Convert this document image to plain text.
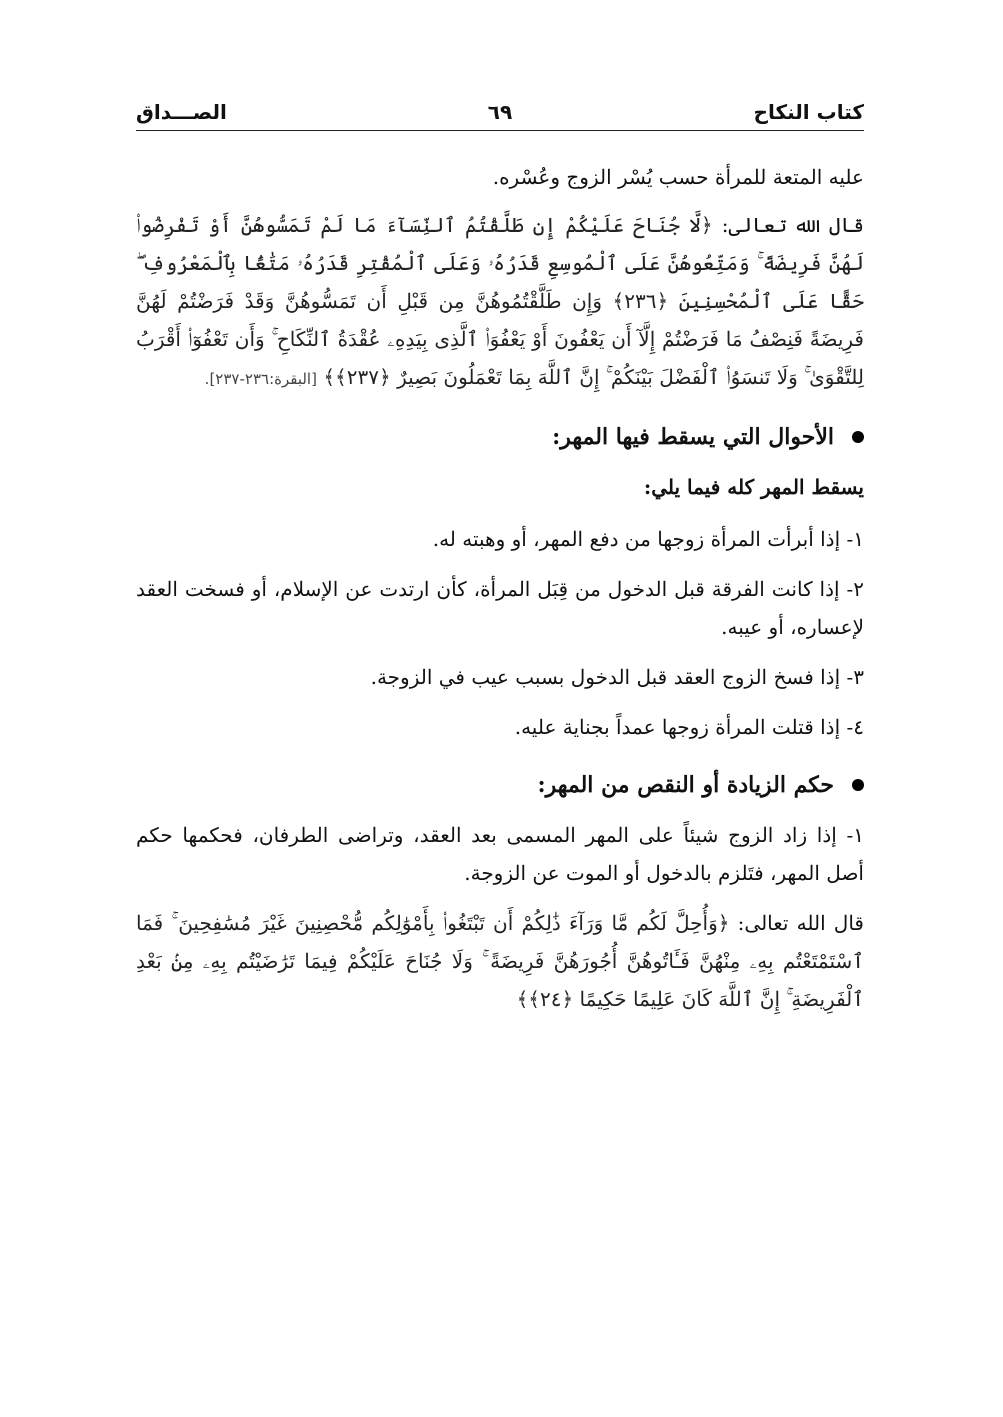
كتاب النكاح
٦٩
الصـــداق

عليه المتعة للمرأة حسب يُسْر الزوج وعُسْره.

قال الله تعالى: ﴿لَّا جُنَاحَ عَلَيْكُمْ إِن طَلَّقْتُمُ ٱلنِّسَآءَ مَا لَمْ تَمَسُّوهُنَّ أَوْ تَفْرِضُوا۟ لَهُنَّ فَرِيضَةً ۚ وَمَتِّعُوهُنَّ عَلَى ٱلْمُوسِعِ قَدَرُهُۥ وَعَلَى ٱلْمُقْتِرِ قَدَرُهُۥ مَتَٰعًۢا بِٱلْمَعْرُوفِ ۖ حَقًّا عَلَى ٱلْمُحْسِنِينَ ﴿٢٣٦﴾ وَإِن طَلَّقْتُمُوهُنَّ مِن قَبْلِ أَن تَمَسُّوهُنَّ وَقَدْ فَرَضْتُمْ لَهُنَّ فَرِيضَةً فَنِصْفُ مَا فَرَضْتُمْ إِلَّآ أَن يَعْفُونَ أَوْ يَعْفُوَا۟ ٱلَّذِى بِيَدِهِۦ عُقْدَةُ ٱلنِّكَاحِ ۚ وَأَن تَعْفُوٓا۟ أَقْرَبُ لِلتَّقْوَىٰ ۚ وَلَا تَنسَوُا۟ ٱلْفَضْلَ بَيْنَكُمْ ۚ إِنَّ ٱللَّهَ بِمَا تَعْمَلُونَ بَصِيرٌ ﴿٢٣٧﴾﴾ [البقرة:٢٣٦-٢٣٧].

الأحوال التي يسقط فيها المهر:

يسقط المهر كله فيما يلي:

١- إذا أبرأت المرأة زوجها من دفع المهر، أو وهبته له.

٢- إذا كانت الفرقة قبل الدخول من قِبَل المرأة، كأن ارتدت عن الإسلام، أو فسخت العقد لإعساره، أو عيبه.

٣- إذا فسخ الزوج العقد قبل الدخول بسبب عيب في الزوجة.

٤- إذا قتلت المرأة زوجها عمداً بجناية عليه.

حكم الزيادة أو النقص من المهر:

١- إذا زاد الزوج شيئاً على المهر المسمى بعد العقد، وتراضى الطرفان، فحكمها حكم أصل المهر، فتَلزم بالدخول أو الموت عن الزوجة.

قال الله تعالى: ﴿وَأُحِلَّ لَكُم مَّا وَرَآءَ ذَٰلِكُمْ أَن تَبْتَغُوا۟ بِأَمْوَٰلِكُم مُّحْصِنِينَ غَيْرَ مُسَٰفِحِينَ ۚ فَمَا ٱسْتَمْتَعْتُم بِهِۦ مِنْهُنَّ فَـَٔاتُوهُنَّ أُجُورَهُنَّ فَرِيضَةً ۚ وَلَا جُنَاحَ عَلَيْكُمْ فِيمَا تَرَٰضَيْتُم بِهِۦ مِنۢ بَعْدِ ٱلْفَرِيضَةِ ۚ إِنَّ ٱللَّهَ كَانَ عَلِيمًا حَكِيمًا ﴿٢٤﴾﴾
